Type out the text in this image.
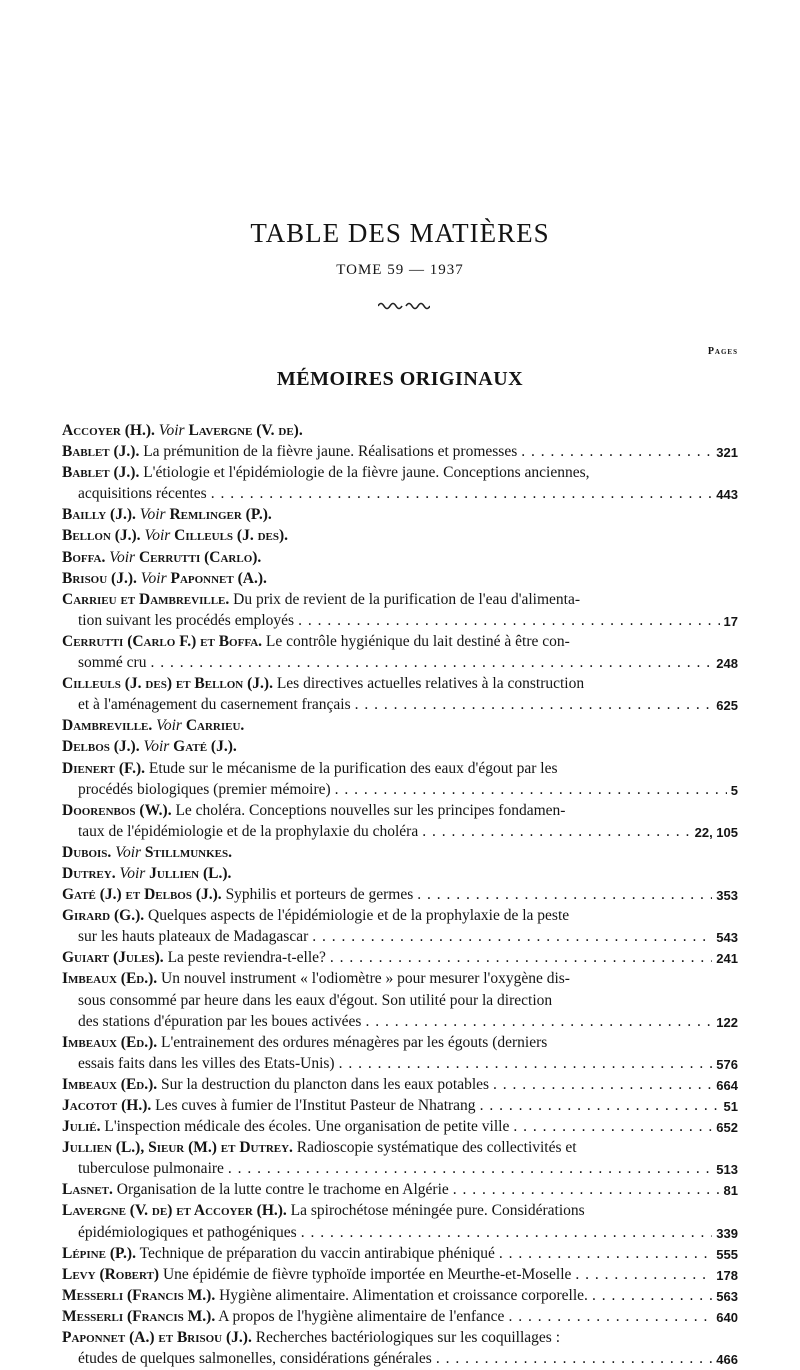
TABLE DES MATIÈRES
TOME 59 — 1937
Pages
MÉMOIRES ORIGINAUX
Accoyer (H.). Voir Lavergne (V. de).
Bablet (J.). La prémunition de la fièvre jaune. Réalisations et promesses . . .	321
Bablet (J.). L'étiologie et l'épidémiologie de la fièvre jaune. Conceptions anciennes,
acquisitions récentes . . .	443
Bailly (J.). Voir Remlinger (P.).
Bellon (J.). Voir Cilleuls (J. des).
Boffa. Voir Cerrutti (Carlo).
Brisou (J.). Voir Paponnet (A.).
Carrieu et Dambreville. Du prix de revient de la purification de l'eau d'alimenta-
tion suivant les procédés employés . . .	17
Cerrutti (Carlo F.) et Boffa. Le contrôle hygiénique du lait destiné à être con-
sommé cru . . .	248
Cilleuls (J. des) et Bellon (J.). Les directives actuelles relatives à la construction
et à l'aménagement du casernement français . . .	625
Dambreville. Voir Carrieu.
Delbos (J.). Voir Gaté (J.).
Dienert (F.). Etude sur le mécanisme de la purification des eaux d'égout par les
procédés biologiques (premier mémoire) . . .	5
Doorenbos (W.). Le choléra. Conceptions nouvelles sur les principes fondamen-
taux de l'épidémiologie et de la prophylaxie du choléra . . .	22, 105
Dubois. Voir Stillmunkes.
Dutrey. Voir Jullien (L.).
Gaté (J.) et Delbos (J.). Syphilis et porteurs de germes . . .	353
Girard (G.). Quelques aspects de l'épidémiologie et de la prophylaxie de la peste
sur les hauts plateaux de Madagascar . . .	543
Guiart (Jules). La peste reviendra-t-elle? . . .	241
Imbeaux (Ed.). Un nouvel instrument « l'odiomètre » pour mesurer l'oxygène dis-
sous consommé par heure dans les eaux d'égout. Son utilité pour la direction
des stations d'épuration par les boues activées . . .	122
Imbeaux (Ed.). L'entrainement des ordures ménagères par les égouts (derniers
essais faits dans les villes des Etats-Unis) . . .	576
Imbeaux (Ed.). Sur la destruction du plancton dans les eaux potables . . .	664
Jacotot (H.). Les cuves à fumier de l'Institut Pasteur de Nhatrang . . .	51
Julié. L'inspection médicale des écoles. Une organisation de petite ville . . .	652
Jullien (L.), Sieur (M.) et Dutrey. Radioscopie systématique des collectivités et
tuberculose pulmonaire . . .	513
Lasnet. Organisation de la lutte contre le trachome en Algérie . . .	81
Lavergne (V. de) et Accoyer (H.). La spirochétose méningée pure. Considérations
épidémiologiques et pathogéniques . . .	339
Lépine (P.). Technique de préparation du vaccin antirabique phéniqué . . .	555
Levy (Robert) Une épidémie de fièvre typhoïde importée en Meurthe-et-Moselle . . .	178
Messerli (Francis M.). Hygiène alimentaire. Alimentation et croissance corporelle. . . .	563
Messerli (Francis M.). A propos de l'hygiène alimentaire de l'enfance . . .	640
Paponnet (A.) et Brisou (J.). Recherches bactériologiques sur les coquillages :
études de quelques salmonelles, considérations générales . . .	466
